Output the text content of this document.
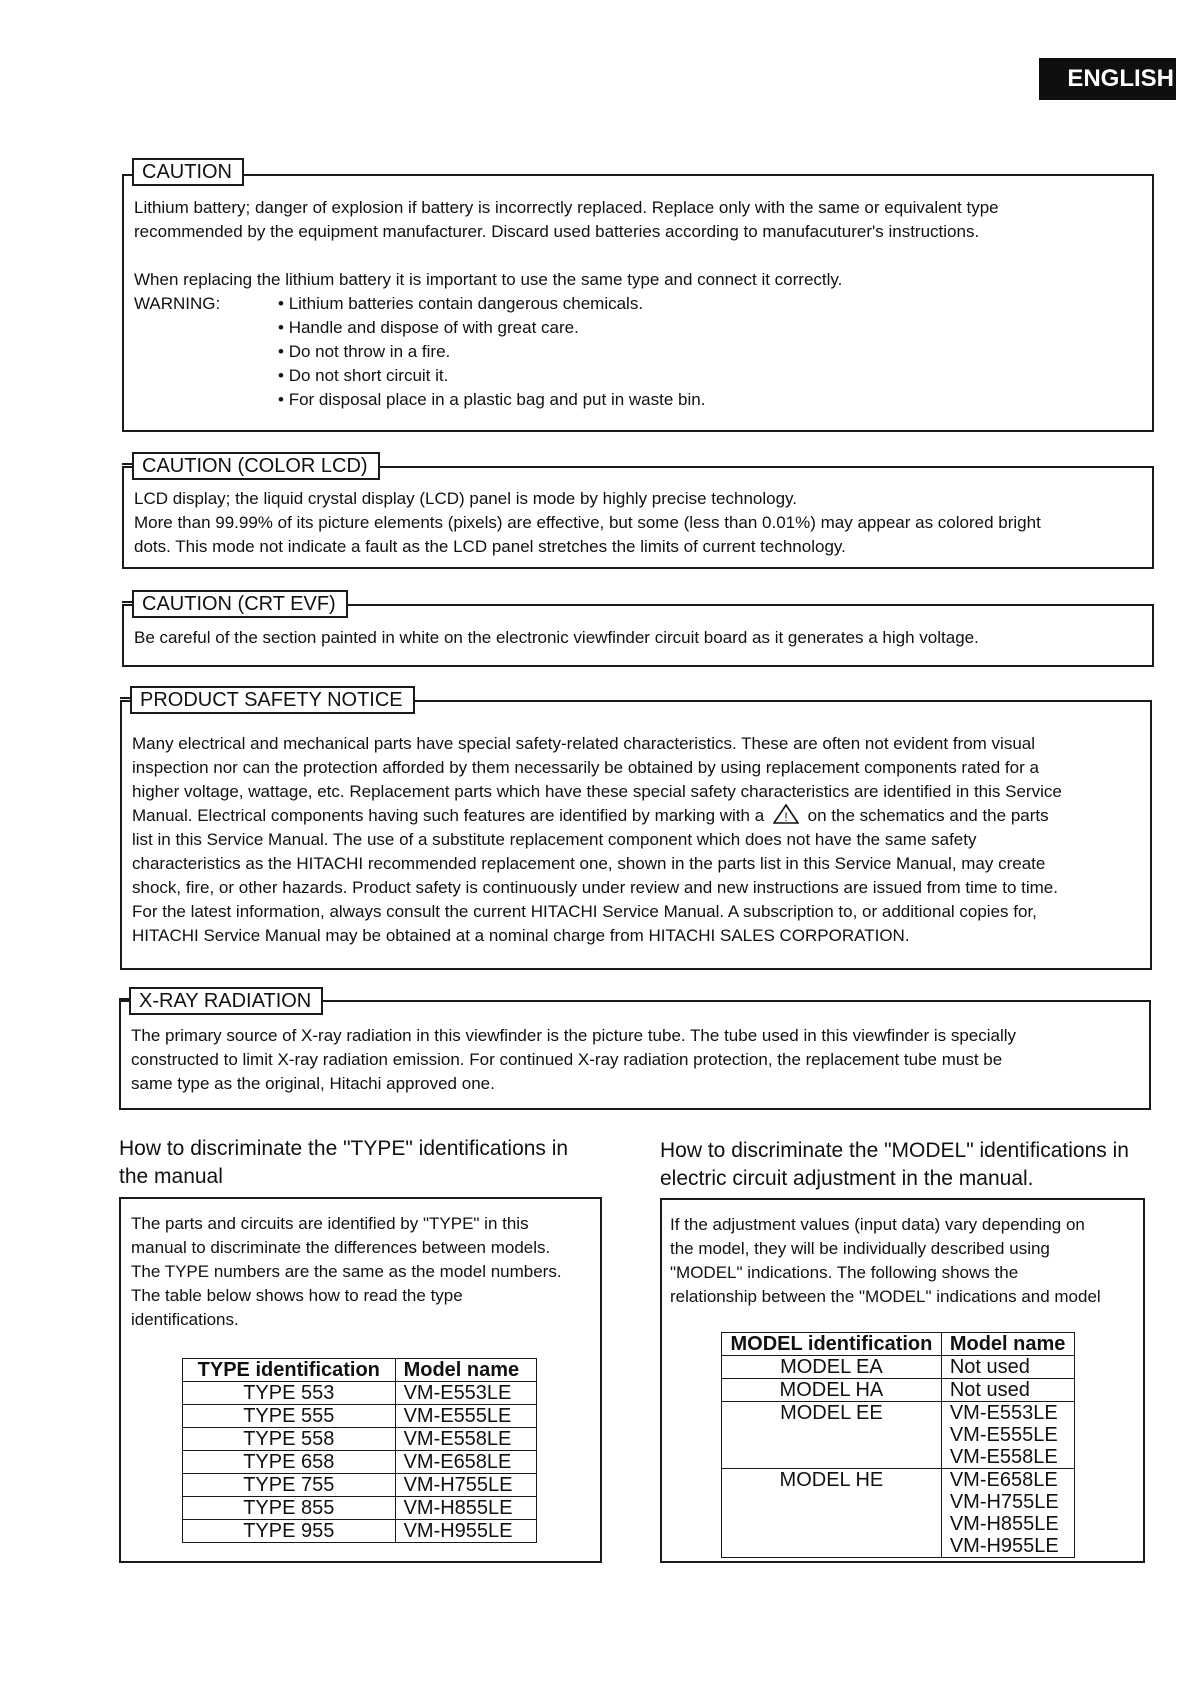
ENGLISH

Lithium battery; danger of explosion if battery is incorrectly replaced. Replace only with the same or equivalent type

recommended by the equipment manufacturer. Discard used batteries according to manufacuturer's instructions.

When replacing the lithium battery it is important to use the same type and connect it correctly.

WARNING:	• Lithium batteries contain dangerous chemicals.
• Handle and dispose of with great care.
• Do not throw in a fire.
• Do not short circuit it.
• For disposal place in a plastic bag and put in waste bin.
CAUTION

LCD display; the liquid crystal display (LCD) panel is mode by highly precise technology.

More than 99.99% of its picture elements (pixels) are effective, but some (less than 0.01%) may appear as colored bright

dots. This mode not indicate a fault as the LCD panel stretches the limits of current technology.

CAUTION (COLOR LCD)

Be careful of the section painted in white on the electronic viewfinder circuit board as it generates a high voltage.

CAUTION (CRT EVF)

Many electrical and mechanical parts have special safety-related characteristics. These are often not evident from visual

inspection nor can the protection afforded by them necessarily be obtained by using replacement components rated for a

higher voltage, wattage, etc. Replacement parts which have these special safety characteristics are identified in this Service

Manual. Electrical components having such features are identified by marking with a ! on the schematics and the parts

list in this Service Manual. The use of a substitute replacement component which does not have the same safety

characteristics as the HITACHI recommended replacement one, shown in the parts list in this Service Manual, may create

shock, fire, or other hazards. Product safety is continuously under review and new instructions are issued from time to time.

For the latest information, always consult the current HITACHI Service Manual. A subscription to, or additional copies for,

HITACHI Service Manual may be obtained at a nominal charge from HITACHI SALES CORPORATION.

PRODUCT SAFETY NOTICE

The primary source of X-ray radiation in this viewfinder is the picture tube. The tube used in this viewfinder is specially

constructed to limit X-ray radiation emission. For continued X-ray radiation protection, the replacement tube must be

same type as the original, Hitachi approved one.

X-RAY RADIATION
How to discriminate the "TYPE" identifications in
the manual

The parts and circuits are identified by "TYPE" in this

manual to discriminate the differences between models.

The TYPE numbers are the same as the model numbers.

The table below shows how to read the type

identifications.

TYPE identification	Model name
TYPE 553	VM-E553LE
TYPE 555	VM-E555LE
TYPE 558	VM-E558LE
TYPE 658	VM-E658LE
TYPE 755	VM-H755LE
TYPE 855	VM-H855LE
TYPE 955	VM-H955LE
How to discriminate the "MODEL" identifications in
electric circuit adjustment in the manual.

If the adjustment values (input data) vary depending on

the model, they will be individually described using

"MODEL" indications. The following shows the

relationship between the "MODEL" indications and model

MODEL identification	Model name
MODEL EA	Not used

MODEL HA	Not used

MODEL EE	VM-E553LE
VM-E555LE
VM-E558LE

MODEL HE	VM-E658LE
VM-H755LE
VM-H855LE
VM-H955LE
